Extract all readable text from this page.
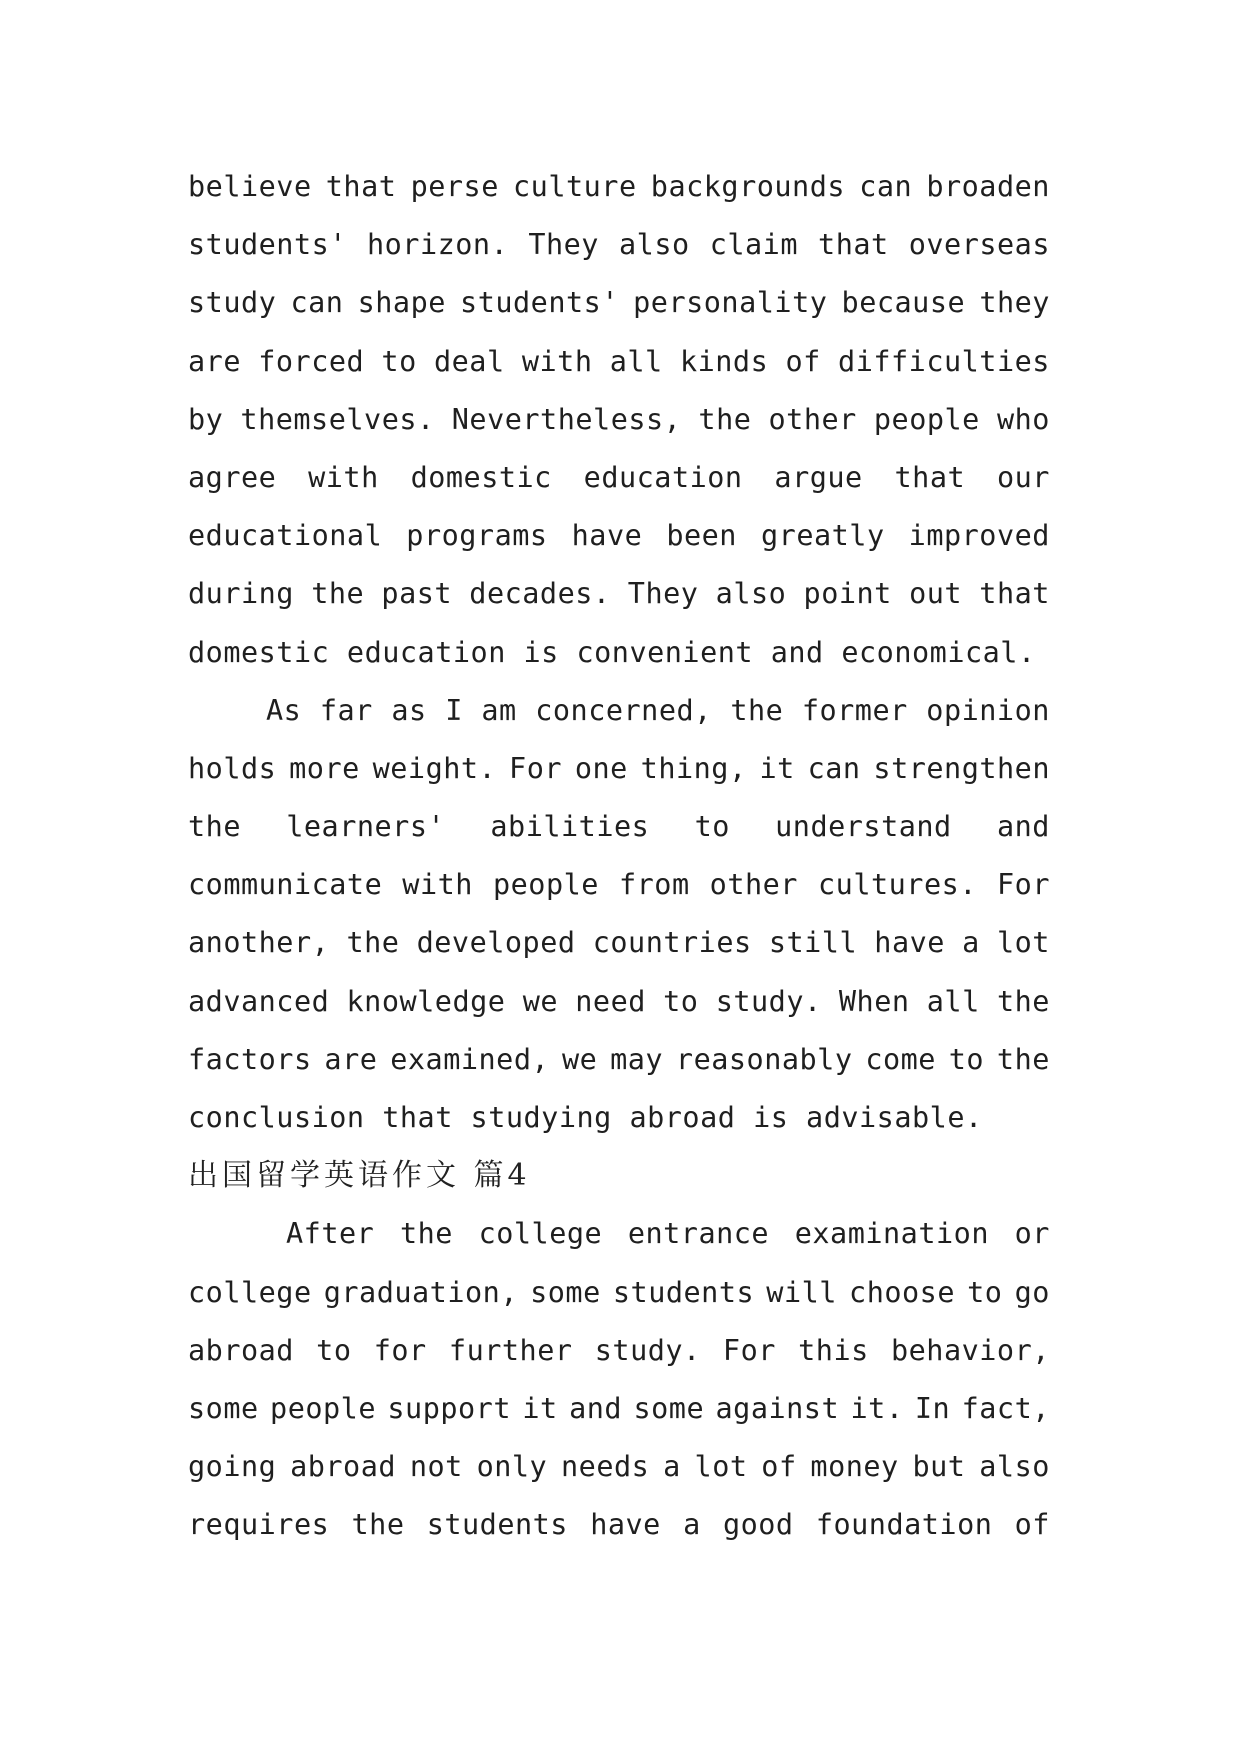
believe that perse culture backgrounds can broaden
students' horizon. They also claim that overseas
study can shape students' personality because they
are forced to deal with all kinds of difficulties
by themselves. Nevertheless, the other people who
agree with domestic education argue that our
educational programs have been greatly improved
during the past decades. They also point out that
domestic education is convenient and economical.
As far as I am concerned, the former opinion
holds more weight. For one thing, it can strengthen
the learners' abilities to understand and
communicate with people from other cultures. For
another, the developed countries still have a lot
advanced knowledge we need to study. When all the
factors are examined, we may reasonably come to the
conclusion that studying abroad is advisable.
出国留学英语作文 篇4
After the college entrance examination or
college graduation, some students will choose to go
abroad to for further study. For this behavior,
some people support it and some against it. In fact,
going abroad not only needs a lot of money but also
requires the students have a good foundation of
